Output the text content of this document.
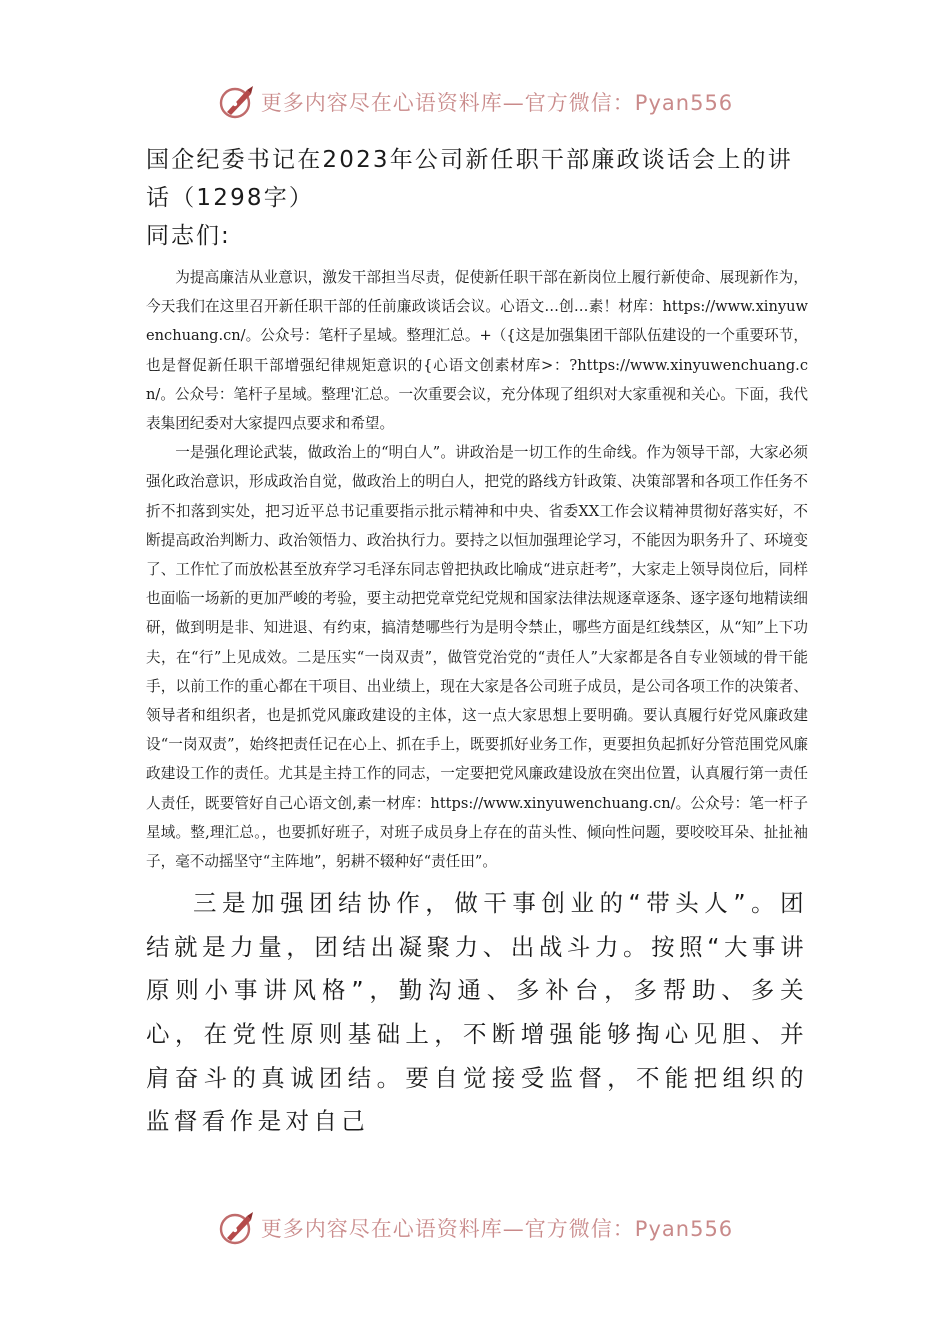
更多内容尽在心语资料库—官方微信：Pyan556
国企纪委书记在2023年公司新任职干部廉政谈话会上的讲话（1298字）
同志们:

为提高廉洁从业意识，激发干部担当尽责，促使新任职干部在新岗位上履行新使命、展现新作为，今天我们在这里召开新任职干部的任前廉政谈话会议。心语文…创…素！材库：https://www.xinyuwenchuang.cn/。公众号：笔杆子星域。整理汇总。+（{这是加强集团干部队伍建设的一个重要环节，也是督促新任职干部增强纪律规矩意识的{心语文创素材库>：?https://www.xinyuwenchuang.cn/。公众号：笔杆子星域。整理'汇总。一次重要会议，充分体现了组织对大家重视和关心。下面，我代表集团纪委对大家提四点要求和希望。

一是强化理论武装，做政治上的“明白人”。讲政治是一切工作的生命线。作为领导干部，大家必须强化政治意识，形成政治自觉，做政治上的明白人，把党的路线方针政策、决策部署和各项工作任务不折不扣落到实处，把习近平总书记重要指示批示精神和中央、省委XX工作会议精神贯彻好落实好，不断提高政治判断力、政治领悟力、政治执行力。要持之以恒加强理论学习，不能因为职务升了、环境变了、工作忙了而放松甚至放弃学习毛泽东同志曾把执政比喻成“进京赶考”，大家走上领导岗位后，同样也面临一场新的更加严峻的考验，要主动把党章党纪党规和国家法律法规逐章逐条、逐字逐句地精读细研，做到明是非、知进退、有约束，搞清楚哪些行为是明令禁止，哪些方面是红线禁区，从“知”上下功夫，在“行”上见成效。二是压实“一岗双责”，做管党治党的“责任人”大家都是各自专业领域的骨干能手，以前工作的重心都在干项目、出业绩上，现在大家是各公司班子成员，是公司各项工作的决策者、领导者和组织者，也是抓党风廉政建设的主体，这一点大家思想上要明确。要认真履行好党风廉政建设“一岗双责”，始终把责任记在心上、抓在手上，既要抓好业务工作，更要担负起抓好分管范围党风廉政建设工作的责任。尤其是主持工作的同志，一定要把党风廉政建设放在突出位置，认真履行第一责任人责任，既要管好自己心语文创,素一材库：https://www.xinyuwenchuang.cn/。公众号：笔一杆子星域。整,理汇总。，也要抓好班子，对班子成员身上存在的苗头性、倾向性问题，要咬咬耳朵、扯扯袖子，毫不动摇坚守“主阵地”，躬耕不辍种好“责任田”。

三是加强团结协作，做干事创业的“带头人”。团结就是力量，团结出凝聚力、出战斗力。按照“大事讲原则小事讲风格”，勤沟通、多补台，多帮助、多关心，在党性原则基础上，不断增强能够掏心见胆、并肩奋斗的真诚团结。要自觉接受监督，不能把组织的监督看作是对自己

更多内容尽在心语资料库—官方微信：Pyan556
